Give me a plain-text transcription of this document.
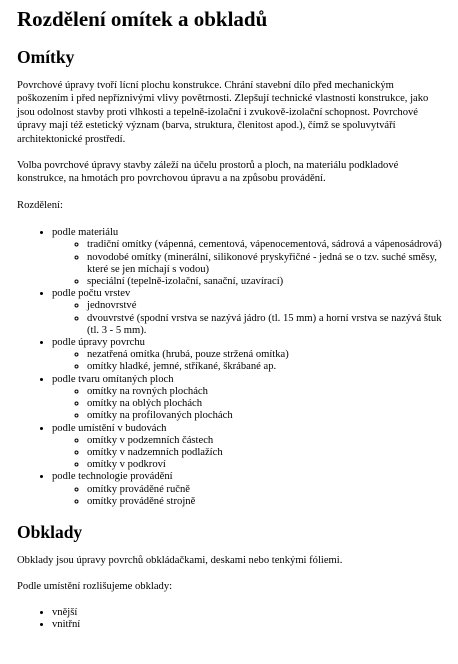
Rozdělení omítek a obkladů
Omítky

Povrchové úpravy tvoří lícní plochu konstrukce. Chrání stavební dílo před mechanickým poškozením i před nepříznivými vlivy povětrnosti. Zlepšují technické vlastnosti konstrukce, jako jsou odolnost stavby proti vlhkosti a tepelně-izolační i zvukově-izolační schopnost. Povrchové úpravy mají též estetický význam (barva, struktura, členitost apod.), čímž se spoluvytváří architektonické prostředí.

Volba povrchové úpravy stavby záleží na účelu prostorů a ploch, na materiálu podkladové konstrukce, na hmotách pro povrchovou úpravu a na způsobu provádění.

Rozdělení:

• podle materiálu
◦ tradiční omítky (vápenná, cementová, vápenocementová, sádrová a vápenosádrová)
◦ novodobé omítky (minerální, silikonové pryskyřičné - jedná se o tzv. suché směsy, které se jen míchají s vodou)
◦ speciální (tepelně-izolační, sanační, uzavírací)
• podle počtu vrstev
◦ jednovrstvé
◦ dvouvrstvé (spodní vrstva se nazývá jádro (tl. 15 mm) a horní vrstva se nazývá štuk (tl. 3 - 5 mm).
• podle úpravy povrchu
◦ nezatřená omítka (hrubá, pouze stržená omítka)
◦ omítky hladké, jemné, stříkané, škrábané ap.
• podle tvaru omítaných ploch
◦ omítky na rovných plochách
◦ omítky na oblých plochách
◦ omítky na profilovaných plochách
• podle umístění v budovách
◦ omítky v podzemních částech
◦ omítky v nadzemních podlažích
◦ omítky v podkroví
• podle technologie provádění
◦ omítky prováděné ručně
◦ omítky prováděné strojně
Obklady

Obklady jsou úpravy povrchů obkládačkami, deskami nebo tenkými fóliemi.

Podle umístění rozlišujeme obklady:

• vnější
• vnitřní
